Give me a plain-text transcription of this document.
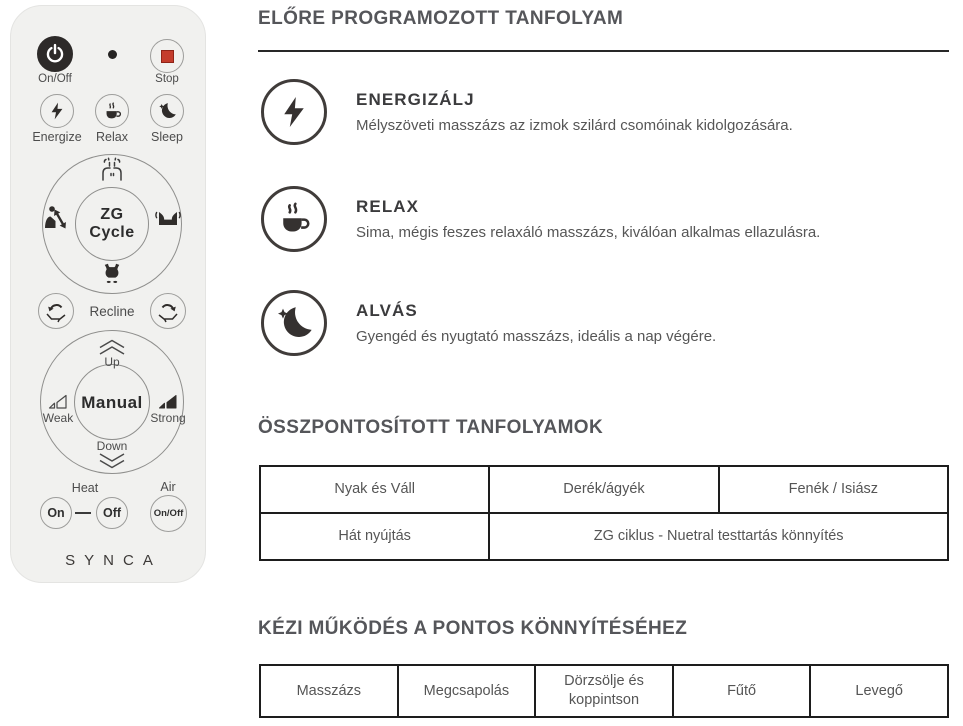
On/Off	Stop
Energize	Relax	Sleep
ZG
Cycle
Recline
Manual
Up
Down
Weak	Strong
Heat	Air
On	Off	On/Off
SYNCA
ELŐRE PROGRAMOZOTT TANFOLYAM
ENERGIZÁLJ
Mélyszöveti masszázs az izmok szilárd csomóinak kidolgozására.
RELAX
Sima, mégis feszes relaxáló masszázs, kiválóan alkalmas ellazulásra.
ALVÁS
Gyengéd és nyugtató masszázs, ideális a nap végére.
ÖSSZPONTOSÍTOTT TANFOLYAMOK
Nyak és Váll	Derék/ágyék	Fenék / Isiász
Hát nyújtás	ZG ciklus - Nuetral testtartás könnyítés	
KÉZI MŰKÖDÉS A PONTOS KÖNNYÍTÉSÉHEZ
Masszázs	Megcsapolás	Dörzsölje és koppintson	Fűtő	Levegő
